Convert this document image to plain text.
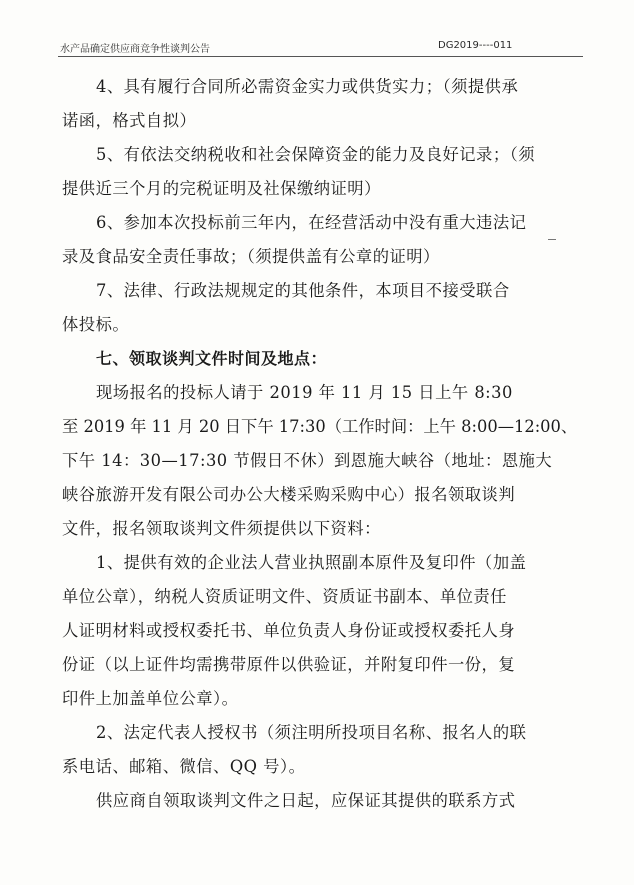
水产品确定供应商竞争性谈判公告	DG2019----011
4、具有履行合同所必需资金实力或供货实力；（须提供承
诺函，格式自拟）
5、有依法交纳税收和社会保障资金的能力及良好记录；（须
提供近三个月的完税证明及社保缴纳证明）
6、参加本次投标前三年内，在经营活动中没有重大违法记
录及食品安全责任事故；（须提供盖有公章的证明）
7、法律、行政法规规定的其他条件，本项目不接受联合
体投标。
七、领取谈判文件时间及地点：
现场报名的投标人请于 2019 年 11 月 15 日上午 8:30
至 2019 年 11 月 20 日下午 17:30（工作时间：上午 8:00—12:00、
下午 14：30—17:30 节假日不休）到恩施大峡谷（地址：恩施大
峡谷旅游开发有限公司办公大楼采购采购中心）报名领取谈判
文件，报名领取谈判文件须提供以下资料：
1、提供有效的企业法人营业执照副本原件及复印件（加盖
单位公章），纳税人资质证明文件、资质证书副本、单位责任
人证明材料或授权委托书、单位负责人身份证或授权委托人身
份证（以上证件均需携带原件以供验证，并附复印件一份，复
印件上加盖单位公章）。
2、法定代表人授权书（须注明所投项目名称、报名人的联
系电话、邮箱、微信、QQ 号）。
供应商自领取谈判文件之日起，应保证其提供的联系方式
